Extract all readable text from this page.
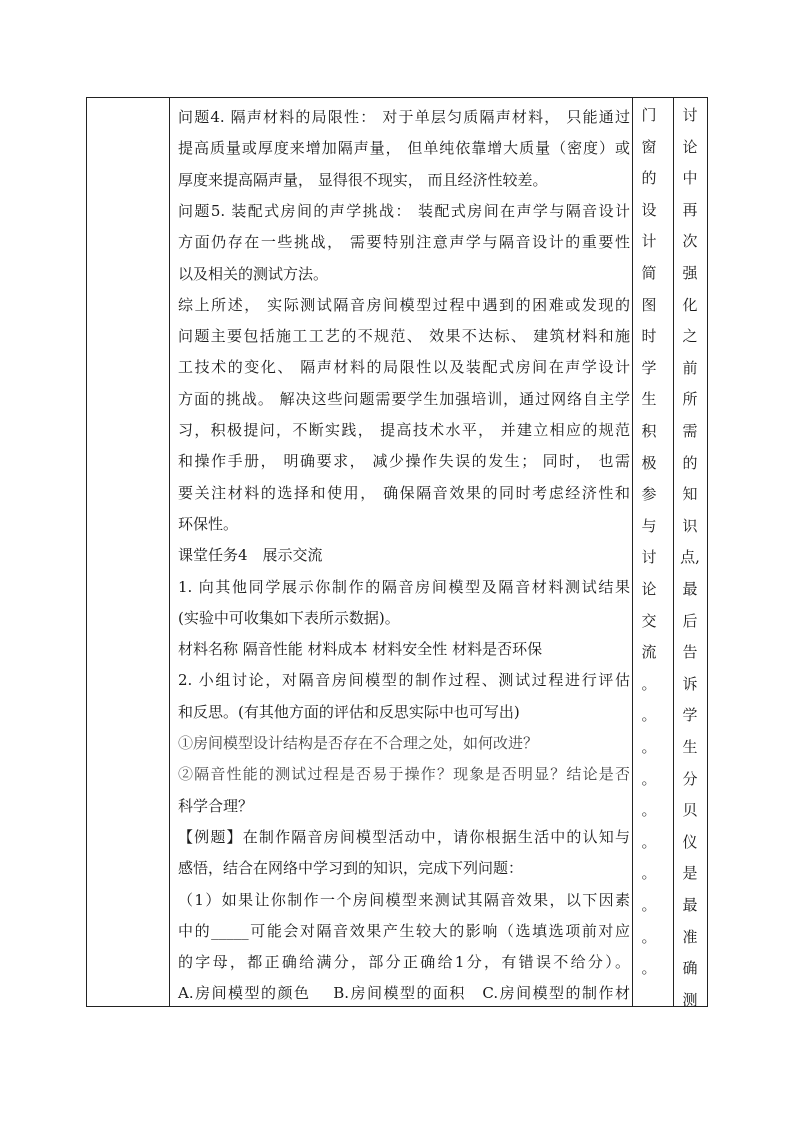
问题4. 隔声材料的局限性： 对于单层匀质隔声材料， 只能通过
提高质量或厚度来增加隔声量， 但单纯依靠增大质量（密度）或
厚度来提高隔声量， 显得很不现实， 而且经济性较差。
问题5. 装配式房间的声学挑战： 装配式房间在声学与隔音设计
方面仍存在一些挑战， 需要特别注意声学与隔音设计的重要性
以及相关的测试方法。
综上所述， 实际测试隔音房间模型过程中遇到的困难或发现的
问题主要包括施工工艺的不规范、 效果不达标、 建筑材料和施
工技术的变化、 隔声材料的局限性以及装配式房间在声学设计
方面的挑战。 解决这些问题需要学生加强培训，通过网络自主学
习，积极提问，不断实践， 提高技术水平， 并建立相应的规范
和操作手册， 明确要求， 减少操作失误的发生； 同时， 也需
要关注材料的选择和使用， 确保隔音效果的同时考虑经济性和
环保性。
课堂任务4　展示交流
1. 向其他同学展示你制作的隔音房间模型及隔音材料测试结果
(实验中可收集如下表所示数据)。
材料名称 隔音性能 材料成本 材料安全性 材料是否环保
2. 小组讨论，对隔音房间模型的制作过程、测试过程进行评估
和反思。(有其他方面的评估和反思实际中也可写出)
①房间模型设计结构是否存在不合理之处，如何改进？
②隔音性能的测试过程是否易于操作？现象是否明显？结论是否
科学合理？
【例题】在制作隔音房间模型活动中，请你根据生活中的认知与
感悟，结合在网络中学习到的知识，完成下列问题：
（1）如果让你制作一个房间模型来测试其隔音效果，以下因素
中的_____可能会对隔音效果产生较大的影响（选填选项前对应
的字母，都正确给满分，部分正确给1分，有错误不给分）。
A.房间模型的颜色　 B.房间模型的面积　C.房间模型的制作材
门
窗
的
设
计
简
图
时
学
生
积
极
参
与
讨
论
交
流
。
。
。
。
。
。
。
。
。
。
讨
论
中
再
次
强
化
之
前
所
需
的
知
识
点,
最
后
告
诉
学
生
分
贝
仪
是
最
准
确
测
